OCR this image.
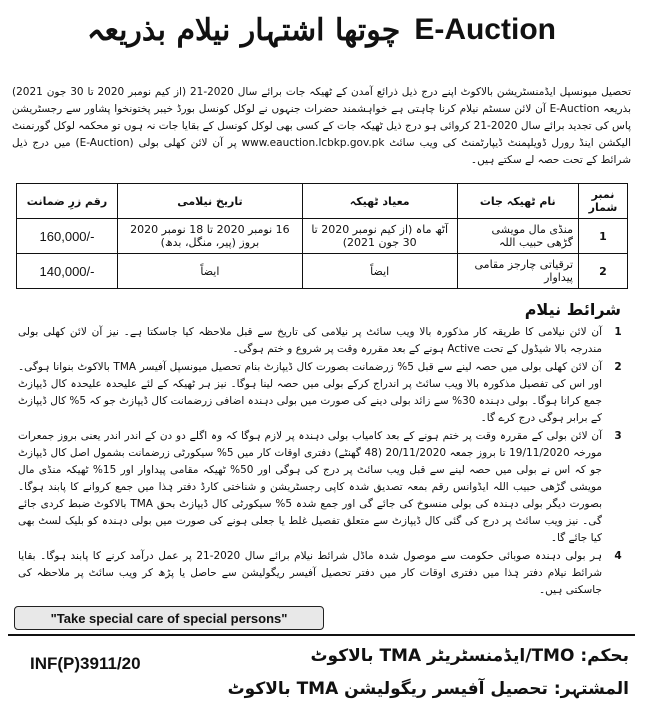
چوتھا اشتہار نیلام بذریعہ E-Auction
تحصیل میونسپل ایڈمنسٹریشن بالاکوٹ اپنے درج ذیل ذرائع آمدن کے ٹھیکہ جات برائے سال 2020-21 (از کیم نومبر 2020 تا 30 جون 2021) بذریعہ E-Auction آن لائن سسٹم نیلام کرنا چاہتی ہے خواہشمند حضرات جنہوں نے لوکل کونسل بورڈ خیبر پختونخوا پشاور سے رجسٹریشن پاس کی تجدید برائے سال 2020-21 کروائی ہو درج ذیل ٹھیکہ جات کے کسی بھی لوکل کونسل کے بقایا جات نہ ہوں تو محکمہ لوکل گورنمنٹ الیکشن اینڈ رورل ڈویلپمنٹ ڈیپارٹمنٹ کی ویب سائٹ www.eauction.lcbkp.gov.pk پر آن لائن کھلی بولی (E-Auction) میں درج ذیل شرائط کے تحت حصہ لے سکتے ہیں۔
نمبر شمار	نام ٹھیکہ جات	معیاد ٹھیکہ	تاریخ نیلامی	رقم زرِ ضمانت
1	منڈی مال مویشی گڑھی حبیب اللہ	آٹھ ماہ (از کیم نومبر 2020 تا 30 جون 2021)	16 نومبر 2020 تا 18 نومبر 2020 بروز (پیر، منگل، بدھ)	160,000/-
2	ترقیاتی چارجز مقامی پیداوار	ایضاً	ایضاً	140,000/-
شرائط نیلام
1
آن لائن نیلامی کا طریقہ کار مذکورہ بالا ویب سائٹ پر نیلامی کی تاریخ سے قبل ملاحظہ کیا جاسکتا ہے۔ نیز آن لائن کھلی بولی مندرجہ بالا شیڈول کے تحت Active ہونے کے بعد مقررہ وقت پر شروع و ختم ہوگی۔
2
آن لائن کھلی بولی میں حصہ لینے سے قبل 5% زرضمانت بصورت کال ڈیپازٹ بنام تحصیل میونسپل آفیسر TMA بالاکوٹ بنوانا ہوگی۔ اور اس کی تفصیل مذکورہ بالا ویب سائٹ پر اندراج کرکے بولی میں حصہ لینا ہوگا۔ نیز ہر ٹھیکہ کے لئے علیحدہ علیحدہ کال ڈیپازٹ جمع کرانا ہوگا۔ بولی دہندہ 30% سے زائد بولی دینے کی صورت میں بولی دہندہ اضافی زرضمانت کال ڈیپازٹ جو کہ 5% کال ڈیپازٹ کے برابر ہوگی درج کرے گا۔
3
آن لائن بولی کے مقررہ وقت پر ختم ہونے کے بعد کامیاب بولی دہندہ پر لازم ہوگا کہ وہ اگلے دو دن کے اندر اندر یعنی بروز جمعرات مورخہ 19/11/2020 تا بروز جمعہ 20/11/2020 (48 گھنٹے) دفتری اوقات کار میں 5% سیکورٹی زرضمانت بشمول اصل کال ڈیپازٹ جو کہ اس نے بولی میں حصہ لینے سے قبل ویب سائٹ پر درج کی ہوگی اور 50% ٹھیکہ مقامی پیداوار اور 15% ٹھیکہ منڈی مال مویشی گڑھی حبیب اللہ ایڈوانس رقم بمعہ تصدیق شدہ کاپی رجسٹریشن و شناختی کارڈ دفتر ہٰذا میں جمع کروانے کا پابند ہوگا۔ بصورت دیگر بولی دہندہ کی بولی منسوخ کی جائے گی اور جمع شدہ 5% سیکورٹی کال ڈیپازٹ بحق TMA بالاکوٹ ضبط کردی جائے گی۔ نیز ویب سائٹ پر درج کی گئی کال ڈیپازٹ سے متعلق تفصیل غلط یا جعلی ہونے کی صورت میں بولی دہندہ کو بلیک لسٹ بھی کیا جائے گا۔
4
ہر بولی دہندہ صوبائی حکومت سے موصول شدہ ماڈل شرائط نیلام برائے سال 2020-21 پر عمل درآمد کرنے کا پابند ہوگا۔ بقایا شرائط نیلام دفتر ہٰذا میں دفتری اوقات کار میں دفتر تحصیل آفیسر ریگولیشن سے حاصل یا پڑھ کر ویب سائٹ پر ملاحظہ کی جاسکتی ہیں۔
"Take special care of special persons"
INF(P)3911/20	بحکم: TMO/ایڈمنسٹریٹر TMA بالاکوٹ
المشتہر: تحصیل آفیسر ریگولیشن TMA بالاکوٹ
